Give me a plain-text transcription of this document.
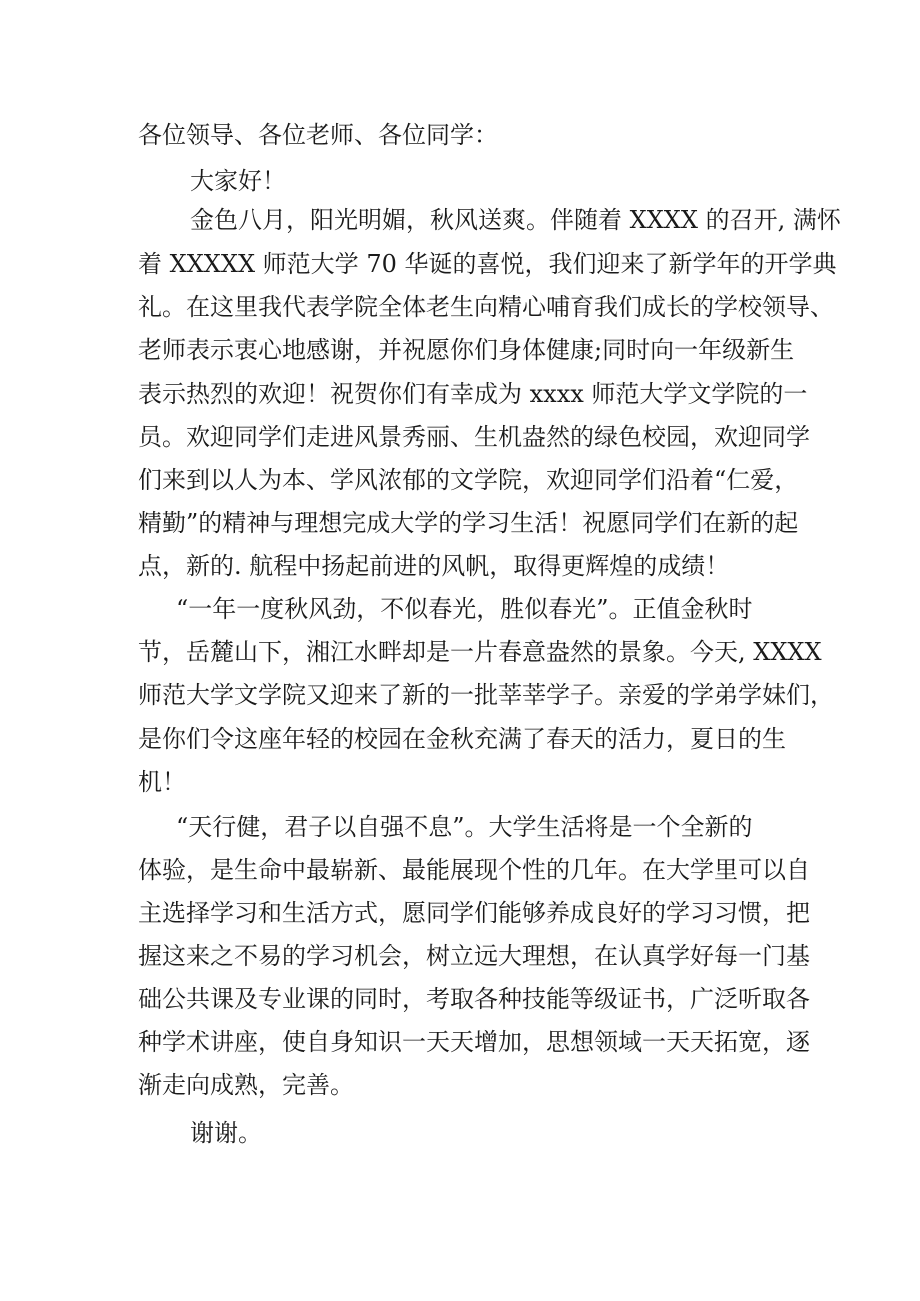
各位领导、各位老师、各位同学：
大家好！
金色八月，阳光明媚，秋风送爽。伴随着 XXXX 的召开, 满怀
着 XXXXX 师范大学 70 华诞的喜悦，我们迎来了新学年的开学典
礼。在这里我代表学院全体老生向精心哺育我们成长的学校领导、
老师表示衷心地感谢，并祝愿你们身体健康;同时向一年级新生
表示热烈的欢迎！祝贺你们有幸成为 xxxx 师范大学文学院的一
员。欢迎同学们走进风景秀丽、生机盎然的绿色校园，欢迎同学
们来到以人为本、学风浓郁的文学院，欢迎同学们沿着“仁爱，
精勤”的精神与理想完成大学的学习生活！祝愿同学们在新的起
点，新的. 航程中扬起前进的风帆，取得更辉煌的成绩！
“一年一度秋风劲，不似春光，胜似春光”。正值金秋时
节，岳麓山下，湘江水畔却是一片春意盎然的景象。今天, XXXX
师范大学文学院又迎来了新的一批莘莘学子。亲爱的学弟学妹们，
是你们令这座年轻的校园在金秋充满了春天的活力，夏日的生
机！
“天行健，君子以自强不息”。大学生活将是一个全新的
体验，是生命中最崭新、最能展现个性的几年。在大学里可以自
主选择学习和生活方式，愿同学们能够养成良好的学习习惯，把
握这来之不易的学习机会，树立远大理想，在认真学好每一门基
础公共课及专业课的同时，考取各种技能等级证书，广泛听取各
种学术讲座，使自身知识一天天增加，思想领域一天天拓宽，逐
渐走向成熟，完善。
谢谢。
